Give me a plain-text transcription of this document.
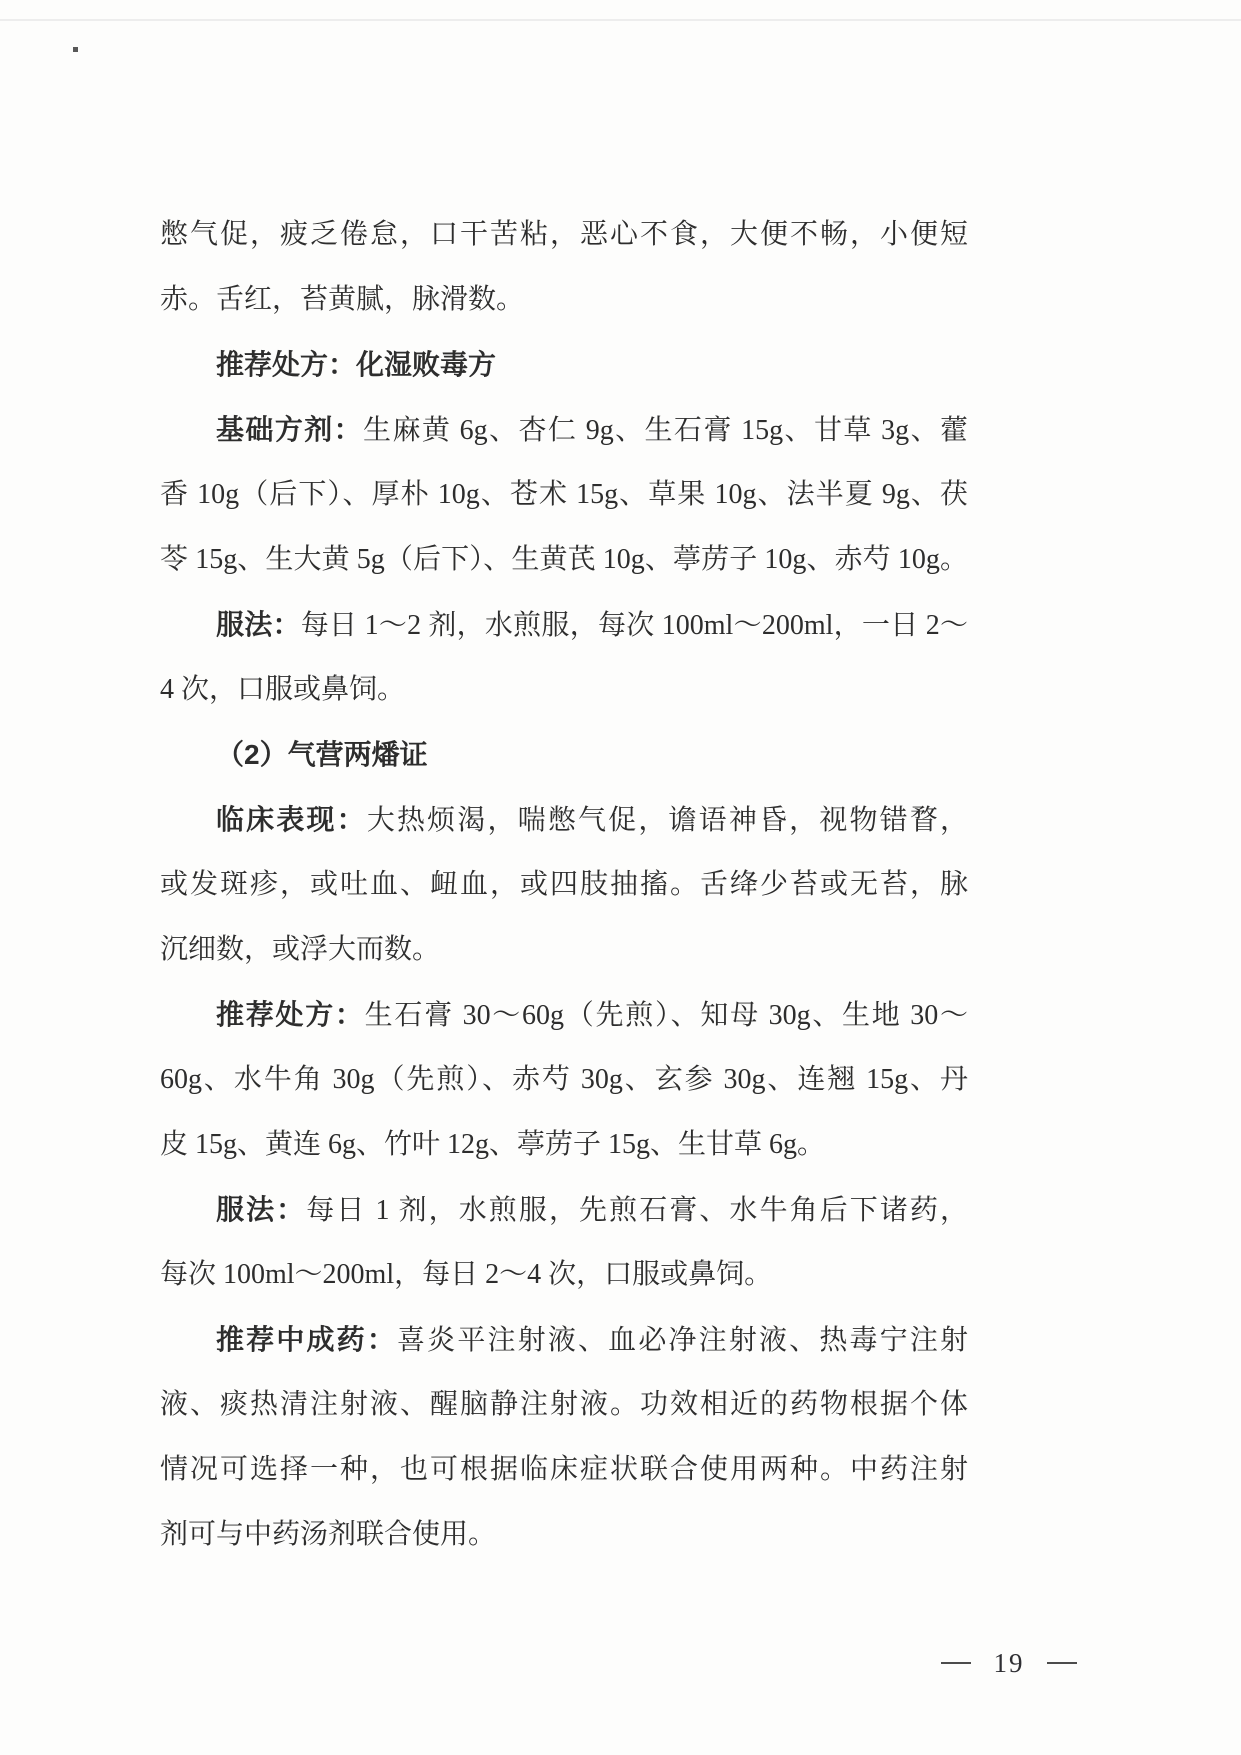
憋气促，疲乏倦怠，口干苦粘，恶心不食，大便不畅，小便短
赤。舌红，苔黄腻，脉滑数。
推荐处方：化湿败毒方
基础方剂：生麻黄 6g、杏仁 9g、生石膏 15g、甘草 3g、藿
香 10g（后下）、厚朴 10g、苍术 15g、草果 10g、法半夏 9g、茯
苓 15g、生大黄 5g（后下）、生黄芪 10g、葶苈子 10g、赤芍 10g。
服法：每日 1～2 剂，水煎服，每次 100ml～200ml，一日 2～
4 次，口服或鼻饲。
（2）气营两燔证
临床表现：大热烦渴，喘憋气促，谵语神昏，视物错瞀，
或发斑疹，或吐血、衄血，或四肢抽搐。舌绛少苔或无苔，脉
沉细数，或浮大而数。
推荐处方：生石膏 30～60g（先煎）、知母 30g、生地 30～
60g、水牛角 30g（先煎）、赤芍 30g、玄参 30g、连翘 15g、丹
皮 15g、黄连 6g、竹叶 12g、葶苈子 15g、生甘草 6g。
服法：每日 1 剂，水煎服，先煎石膏、水牛角后下诸药，
每次 100ml～200ml，每日 2～4 次，口服或鼻饲。
推荐中成药：喜炎平注射液、血必净注射液、热毒宁注射
液、痰热清注射液、醒脑静注射液。功效相近的药物根据个体
情况可选择一种，也可根据临床症状联合使用两种。中药注射
剂可与中药汤剂联合使用。
19
